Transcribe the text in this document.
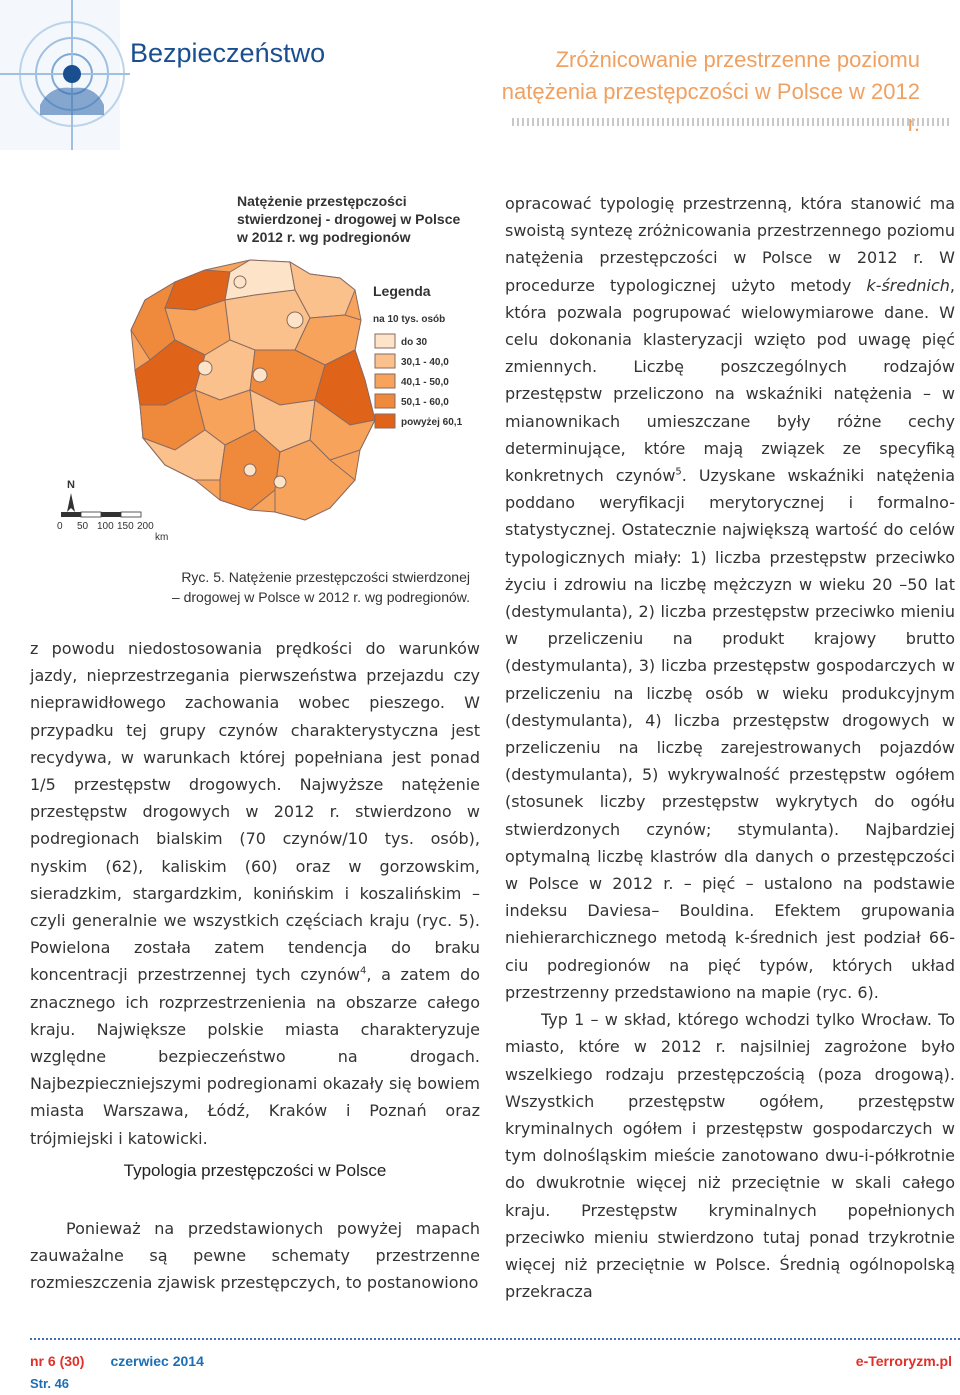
Bezpieczeństwo	Zróżnicowanie przestrzenne poziomu
natężenia przestępczości w Polsce w 2012
Natężenie przestępczości
stwierdzonej - drogowej w Polsce
w 2012 r. wg podregionów
Legenda
na 10 tys. osób
do 30
30,1 - 40,0
40,1 - 50,0
50,1 - 60,0
powyżej 60,1
N
0 50 100 150 200
km
Ryc. 5. Natężenie przestępczości stwierdzonej
– drogowej w Polsce w 2012 r. wg podregionów.

z powodu niedostosowania prędkości do warunków jazdy, nieprzestrzegania pierwszeństwa przejazdu czy nieprawidłowego zachowania wobec pieszego. W przypadku tej grupy czynów charakterystyczna jest recydywa, w warunkach której popełniana jest ponad 1/5 przestępstw drogowych. Najwyższe natężenie przestępstw drogowych w 2012 r. stwierdzono w podregionach bialskim (70 czynów/10 tys. osób), nyskim (62), kaliskim (60) oraz w gorzowskim, sieradzkim, stargardzkim, konińskim i koszalińskim – czyli generalnie we wszystkich częściach kraju (ryc. 5). Powielona została zatem tendencja do braku koncentracji przestrzennej tych czynów$^4$, a zatem do znacznego ich rozprzestrzenienia na obszarze całego kraju. Największe polskie miasta charakteryzuje względne bezpieczeństwo na drogach. Najbezpieczniejszymi podregionami okazały się bowiem miasta Warszawa, Łódź, Kraków i Poznań oraz trójmiejski i katowicki.

Typologia przestępczości w Polsce

Ponieważ na przedstawionych powyżej mapach zauważalne są pewne schematy przestrzenne rozmieszczenia zjawisk przestępczych, to postanowiono

opracować typologię przestrzenną, która stanowić ma swoistą syntezę zróżnicowania przestrzennego poziomu natężenia przestępczości w Polsce w 2012 r. W procedurze typologicznej użyto metody k-średnich, która pozwala pogrupować wielowymiarowe dane. W celu dokonania klasteryzacji wzięto pod uwagę pięć zmiennych. Liczbę poszczególnych rodzajów przestępstw przeliczono na wskaźniki natężenia – w mianownikach umieszczane były różne cechy determinujące, które mają związek ze specyfiką konkretnych czynów$^5$. Uzyskane wskaźniki natężenia poddano weryfikacji merytorycznej i formalno-statystycznej. Ostatecznie największą wartość do celów typologicznych miały: 1) liczba przestępstw przeciwko życiu i zdrowiu na liczbę mężczyzn w wieku 20 –50 lat (destymulanta), 2) liczba przestępstw przeciwko mieniu w przeliczeniu na produkt krajowy brutto (destymulanta), 3) liczba przestępstw gospodarczych w przeliczeniu na liczbę osób w wieku produkcyjnym (destymulanta), 4) liczba przestępstw drogowych w przeliczeniu na liczbę zarejestrowanych pojazdów (destymulanta), 5) wykrywalność przestępstw ogółem (stosunek liczby przestępstw wykrytych do ogółu stwierdzonych czynów; stymulanta). Najbardziej optymalną liczbę klastrów dla danych o przestępczości w Polsce w 2012 r. – pięć – ustalono na podstawie indeksu Daviesa– Bouldina. Efektem grupowania niehierarchicznego metodą k-średnich jest podział 66-ciu podregionów na pięć typów, których układ przestrzenny przedstawiono na mapie (ryc. 6).

Typ 1 – w skład, którego wchodzi tylko Wrocław. To miasto, które w 2012 r. najsilniej zagrożone było wszelkiego rodzaju przestępczością (poza drogową). Wszystkich przestępstw ogółem, przestępstw kryminalnych ogółem i przestępstw gospodarczych w tym dolnośląskim mieście zanotowano dwu-i-półkrotnie do dwukrotnie więcej niż przeciętnie w skali całego kraju. Przestępstw kryminalnych popełnionych przeciwko mieniu stwierdzono tutaj ponad trzykrotnie więcej niż przeciętnie w Polsce. Średnią ogólnopolską przekracza

nr 6 (30) czerwiec 2014	e-Terroryzm.pl
Str. 46
